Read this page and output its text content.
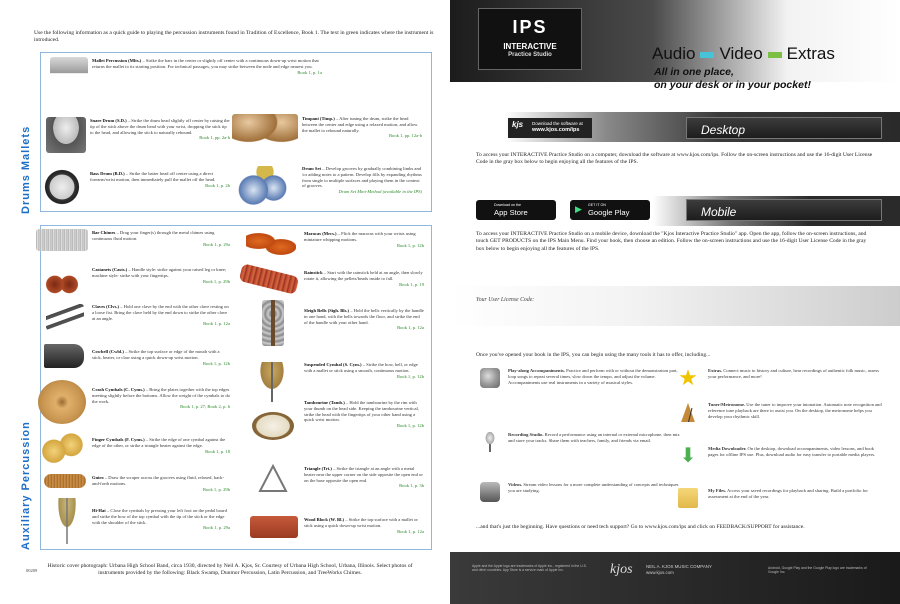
Use the following information as a quick guide to playing the percussion instruments found in Tradition of Excellence, Book 1. The text in green indicates where the instrument is introduced.
Drums Mallets
Mallet Percussion (Mlts.) – Strike the bars in the center or slightly off center with a continuous down-up wrist motion that returns the mallet to its starting position. For technical passages, you may strike between the node and edge nearest you.
Book 1, p. 1a
Snare Drum (S.D.) – Strike the drum head slightly off center by raising the tip of the stick above the drum head with your wrist, dropping the stick tip to the head, and allowing the stick to naturally rebound.
Book 1, pp. 2a-b
Timpani (Timp.) – After tuning the drum, strike the head between the center and edge using a relaxed motion, and allow the mallet to rebound naturally.
Book 1, pp. 12a-b
Bass Drum (B.D.) – Strike the batter head off center using a direct forearm/wrist motion, then immediately pull the mallet off the head.
Book 1, p. 2b
Drum Set – Develop grooves by gradually combining limbs and /or adding notes to a pattern. Develop fills by expanding rhythms from single to multiple surfaces and playing them in the context of grooves.
Drum Set Mini-Method (available in the IPS)
Auxiliary Percussion
Bar Chimes – Drag your finger(s) through the metal chimes using continuous fluid motion.
Book 1, p. 29a
Castanets (Casts.) – Handle style: strike against your raised leg or knee; machine style: strike with your fingertips.
Book 1, p. 29b
Claves (Clvs.) – Hold one clave by the end with the other clave resting on a loose fist. Bring the clave held by the end down to strike the other clave at an angle.
Book 1, p. 12a
Cowbell (Cwbl.) – Strike the top surface or edge of the mouth with a stick, beater, or claw using a quick down-up wrist motion.
Book 1, p. 12b
Crash Cymbals (C. Cyms.) – Bring the plates together with the top edges meeting slightly before the bottoms. Allow the weight of the cymbals to do the work.
Book 1, p. 27; Book 2, p. 6
Finger Cymbals (F. Cyms.) – Strike the edge of one cymbal against the edge of the other, or strike a triangle beater against the edge.
Book 1, p. 18
Guiro – Draw the scraper across the grooves using fluid, relaxed, back-and-forth motions.
Book 1, p. 29b
Hi-Hat – Close the cymbals by pressing your left foot on the pedal board and strike the bow of the top cymbal with the tip of the stick or the edge with the shoulder of the stick.
Book 1, p. 29a
Maracas (Mrcs.) – Flick the maracas with your wrists using miniature whipping motions.
Book 1, p. 12b
Rainstick – Start with the rainstick held at an angle, then slowly rotate it, allowing the pellets/beads inside to fall.
Book 1, p. 19
Sleigh Bells (Sigh. Bls.) – Hold the bells vertically by the handle in one hand, with the bells towards the floor, and strike the end of the handle with your other hand.
Book 1, p. 12a
Suspended Cymbal (S. Cym.) – Strike the bow, bell, or edge with a mallet or stick using a smooth, continuous motion.
Book 1, p. 12b
Tambourine (Tamb.) – Hold the tambourine by the rim with your thumb on the head side. Keeping the tambourine vertical, strike the head with the fingertips of your other hand using a quick wrist motion.
Book 1, p. 12b
Triangle (Tri.) – Strike the triangle at an angle with a metal beater near the upper corner on the side opposite the open end or on the base opposite the open end.
Book 1, p. 3b
Wood Block (W. Bl.) – Strike the top surface with a mallet or stick using a quick down-up wrist motion.
Book 1, p. 12a
00209
Historic cover photograph: Urbana High School Band, circa 1930, directed by Neil A. Kjos, Sr. Courtesy of Urbana High School, Urbana, Illinois. Select photos of instruments provided by the following: Black Swamp, Dunmor Percussion, Latin Percussion, and TreeWorks Chimes.
IPS
INTERACTIVE
Practice Studio	Audio Video Extras
All in one place,
on your desk or in your pocket!
kjs Download the software at
www.kjos.com/ips	Desktop
To access your INTERACTIVE Practice Studio on a computer, download the software at www.kjos.com/ips. Follow the on-screen instructions and use the 16-digit User License Code in the gray box below to begin enjoying all the features of the IPS.
Download on the
App Store	▶ GET IT ON
Google Play	Mobile
To access your INTERACTIVE Practice Studio on a mobile device, download the "Kjos Interactive Practice Studio" app. Open the app, follow the on-screen instructions, and touch GET PRODUCTS on the IPS Main Menu. Find your book, then choose an edition. Follow the on-screen instructions and use the 16-digit User License Code in the gray box below to begin enjoying all the features of the IPS.
Your User License Code:
Once you've opened your book in the IPS, you can begin using the many tools it has to offer, including...
Play-along Accompaniments. Practice and perform with or without the demonstration part, loop songs to repeat several times, slow down the tempo, and adjust the volume. Accompaniments use real instruments in a variety of musical styles.
Recording Studio. Record a performance using an internal or external microphone, then mix and store your tracks. Share them with teachers, family, and friends via email.
Videos. Stream video lessons for a more complete understanding of concepts and techniques you are studying.
★ Extras. Connect music to history and culture, hear recordings of authentic folk music, assess your performance, and more!
Tuner/Metronome. Use the tuner to improve your intonation. Automatic note recognition and reference tone playback are there to assist you. On the desktop, the metronome helps you develop your rhythmic skill.
⬇	Media Downloader. On the desktop, download accompaniments, video lessons, and book pages for offline IPS use. Plus, download audio for easy transfer to portable media players.
My Files. Access your saved recordings for playback and sharing. Build a portfolio for assessment at the end of the year.
...and that's just the beginning. Have questions or need tech support? Go to www.kjos.com/ips and click on FEEDBACK/SUPPORT for assistance.
Apple and the Apple logo are trademarks of Apple Inc., registered in the U.S. and other countries. App Store is a service mark of Apple Inc.	kjos	NEIL A. KJOS MUSIC COMPANY
www.kjos.com
Android, Google Play and the Google Play logo are trademarks of Google Inc.
